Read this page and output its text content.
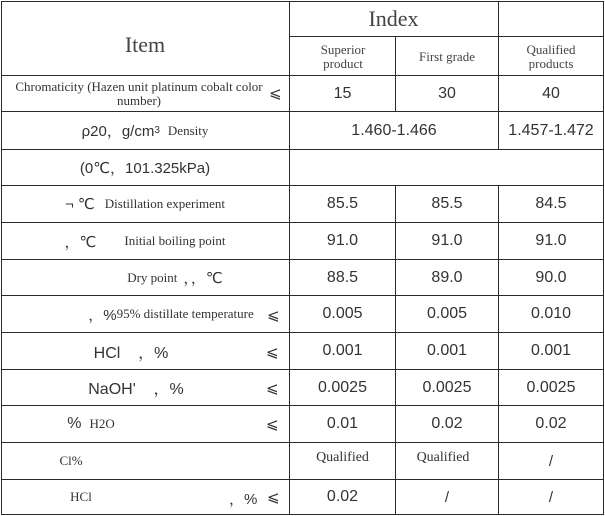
Item
Index
Superior product	First grade	Qualified products
Chromaticity (Hazen unit platinum cobalt color number)	⩽	15	30	40
ρ20，g/cm 3 Density	1.460-1.466	1.457-1.472
(0℃，101.325kPa)
¬ ℃ Distillation experiment	85.5	85.5	84.5
，℃ Initial boiling point	91.0	91.0	91.0
Dry point ，，℃	88.5	89.0	90.0
，% 95% distillate temperature ⩽	0.005	0.005	0.010
HCl    ，%	⩽	0.001	0.001	0.001
NaOH'    ，%	⩽	0.0025	0.0025	0.0025
% H2O	⩽	0.01	0.02	0.02
Cl%	Qualified	Qualified	/
HCl	，% ⩽	0.02	/	/
